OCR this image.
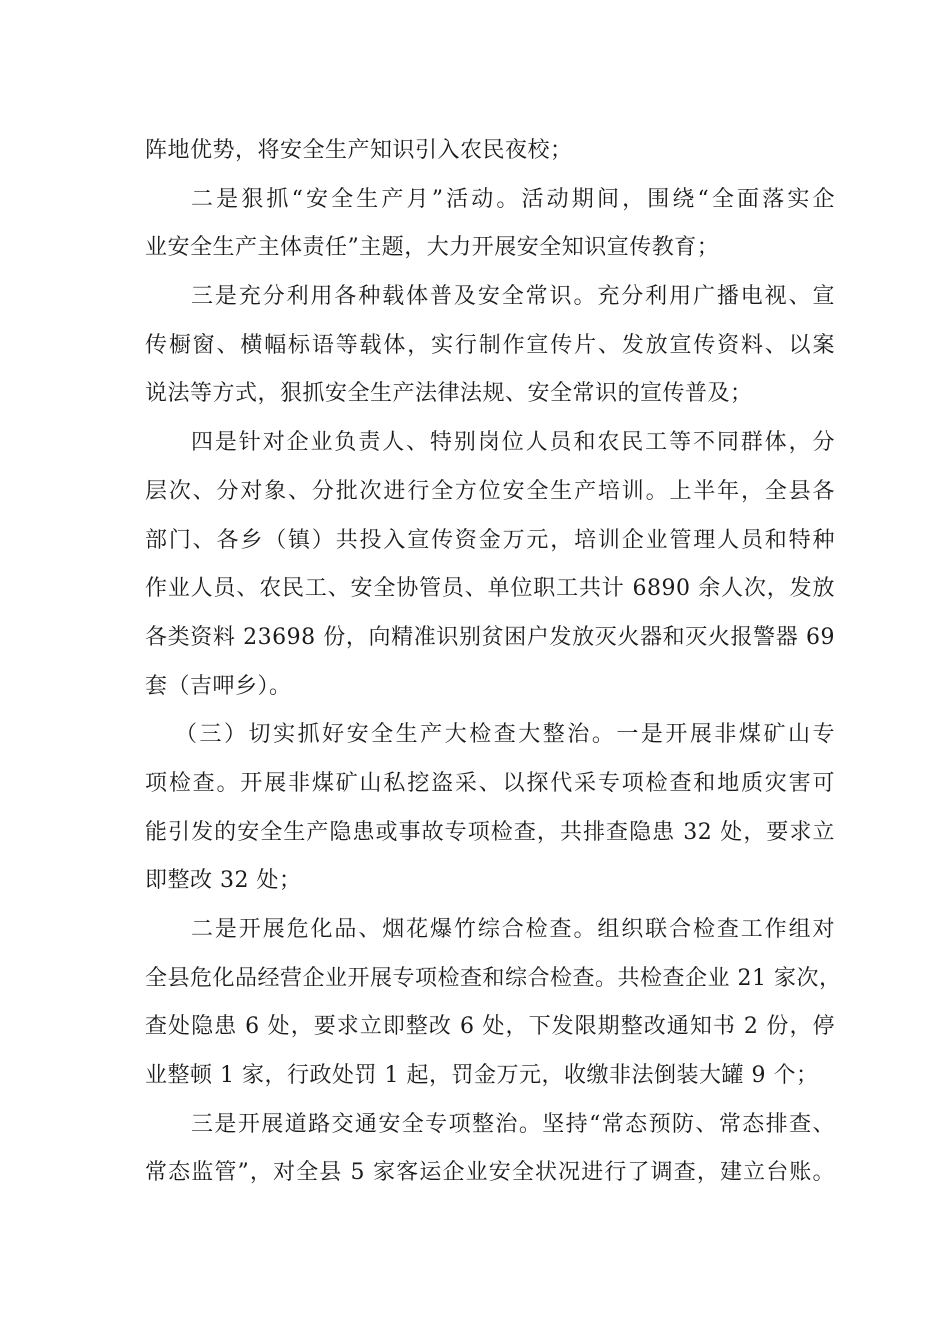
阵地优势，将安全生产知识引入农民夜校；
二是狠抓“安全生产月”活动。活动期间，围绕“全面落实企
业安全生产主体责任”主题，大力开展安全知识宣传教育；
三是充分利用各种载体普及安全常识。充分利用广播电视、宣
传橱窗、横幅标语等载体，实行制作宣传片、发放宣传资料、以案
说法等方式，狠抓安全生产法律法规、安全常识的宣传普及；
四是针对企业负责人、特别岗位人员和农民工等不同群体，分
层次、分对象、分批次进行全方位安全生产培训。上半年，全县各
部门、各乡（镇）共投入宣传资金万元，培训企业管理人员和特种
作业人员、农民工、安全协管员、单位职工共计 6890 余人次，发放
各类资料 23698 份，向精准识别贫困户发放灭火器和灭火报警器 69
套（吉呷乡）。
（三）切实抓好安全生产大检查大整治。一是开展非煤矿山专
项检查。开展非煤矿山私挖盗采、以探代采专项检查和地质灾害可
能引发的安全生产隐患或事故专项检查，共排查隐患 32 处，要求立
即整改 32 处；
二是开展危化品、烟花爆竹综合检查。组织联合检查工作组对
全县危化品经营企业开展专项检查和综合检查。共检查企业 21 家次，
查处隐患 6 处，要求立即整改 6 处，下发限期整改通知书 2 份，停
业整顿 1 家，行政处罚 1 起，罚金万元，收缴非法倒装大罐 9 个；
三是开展道路交通安全专项整治。坚持“常态预防、常态排查、
常态监管”，对全县 5 家客运企业安全状况进行了调查，建立台账。
